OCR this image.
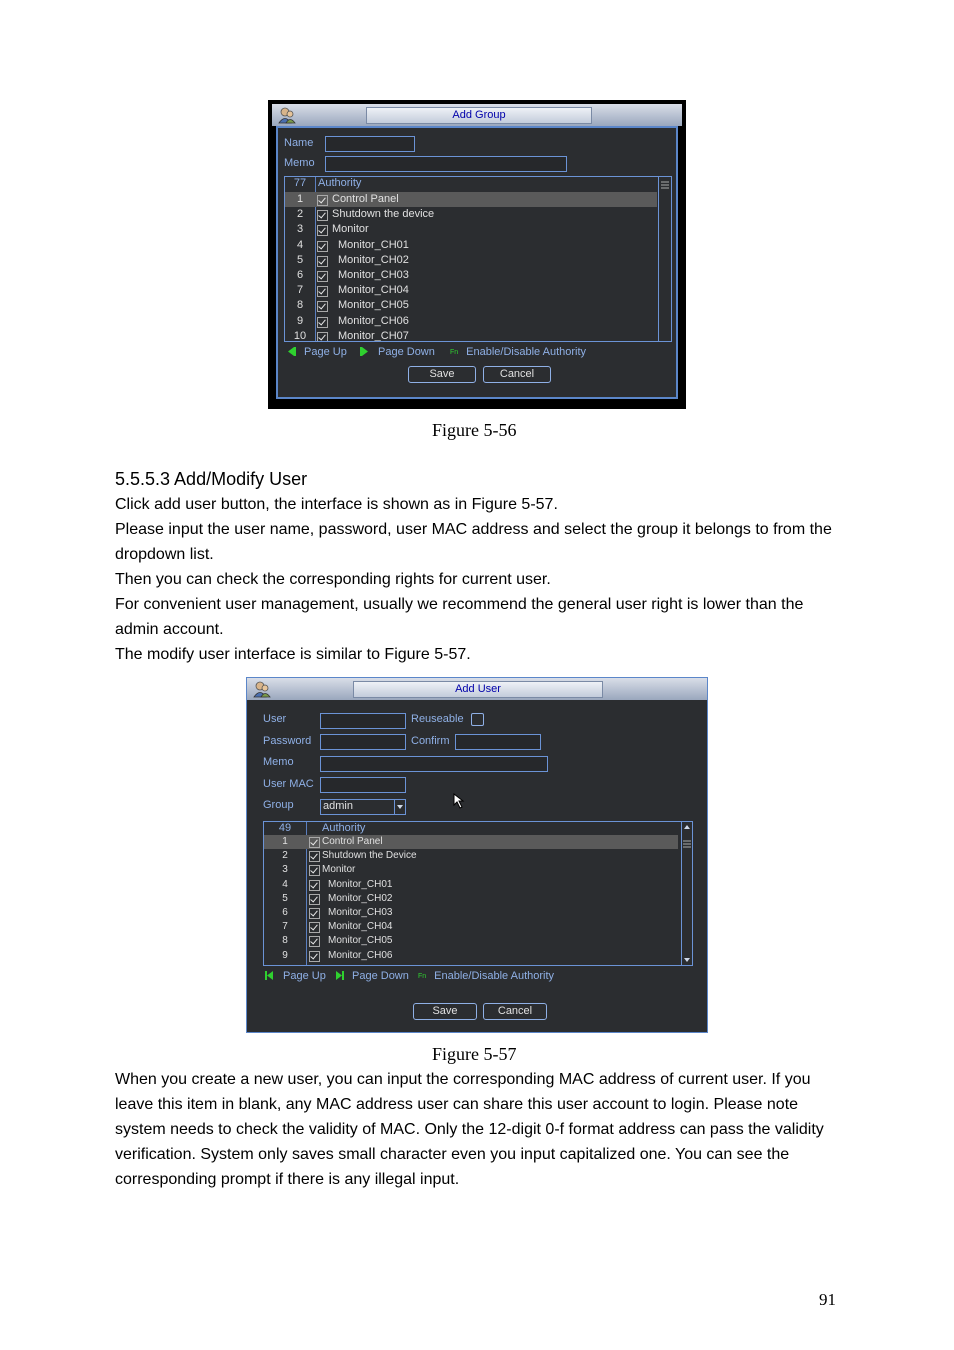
Add Group
Name
Memo
77	Authority
1	Control Panel
2	Shutdown the device
3	Monitor
4	Monitor_CH01
5	Monitor_CH02
6	Monitor_CH03
7	Monitor_CH04
8	Monitor_CH05
9	Monitor_CH06
10	Monitor_CH07
Page Up	Page Down Fn Enable/Disable Authority
Save	Cancel
Figure 5-56
5.5.5.3 Add/Modify User

Click add user button, the interface is shown as in Figure 5-57.

Please input the user name, password, user MAC address and select the group it belongs to from the dropdown list.

Then you can check the corresponding rights for current user.

For convenient user management, usually we recommend the general user right is lower than the admin account.

The modify user interface is similar to Figure 5-57.

Add User
User	Reuseable
Password	Confirm
Memo
User MAC
Group	admin
49	Authority
1	Control Panel
2	Shutdown the Device
3	Monitor
4	Monitor_CH01
5	Monitor_CH02
6	Monitor_CH03
7	Monitor_CH04
8	Monitor_CH05
9	Monitor_CH06
Page Up	Page Down Fn Enable/Disable Authority
Save	Cancel
Figure 5-57
When you create a new user, you can input the corresponding MAC address of current user. If you leave this item in blank, any MAC address user can share this user account to login. Please note system needs to check the validity of MAC. Only the 12-digit 0-f format address can pass the validity verification. System only saves small character even you input capitalized one. You can see the corresponding prompt if there is any illegal input.
91
